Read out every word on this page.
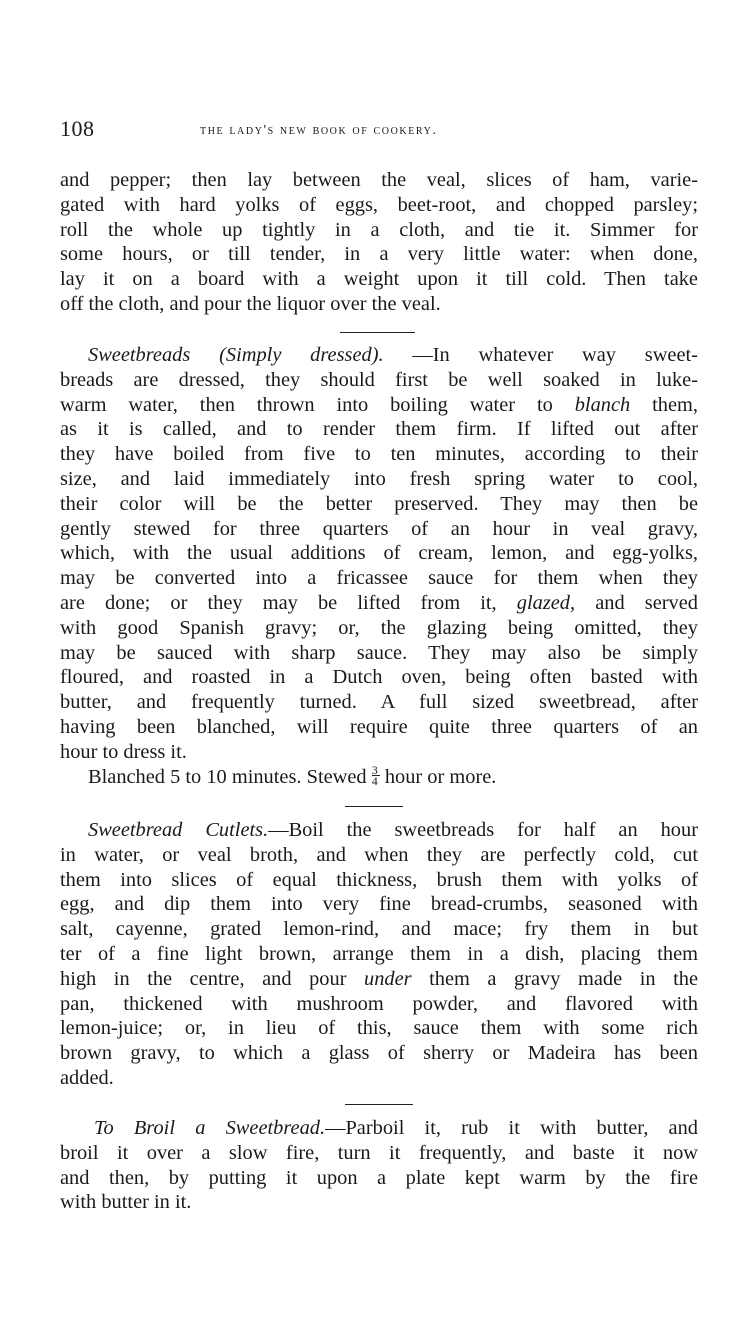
108	the lady's new book of cookery.
and pepper; then lay between the veal, slices of ham, varie-
gated with hard yolks of eggs, beet-root, and chopped parsley;
roll the whole up tightly in a cloth, and tie it. Simmer for
some hours, or till tender, in a very little water: when done,
lay it on a board with a weight upon it till cold. Then take
off the cloth, and pour the liquor over the veal.
Sweetbreads (Simply dressed). —In whatever way sweet-
breads are dressed, they should first be well soaked in luke-
warm water, then thrown into boiling water to blanch them,
as it is called, and to render them firm. If lifted out after
they have boiled from five to ten minutes, according to their
size, and laid immediately into fresh spring water to cool,
their color will be the better preserved. They may then be
gently stewed for three quarters of an hour in veal gravy,
which, with the usual additions of cream, lemon, and egg-yolks,
may be converted into a fricassee sauce for them when they
are done; or they may be lifted from it, glazed, and served
with good Spanish gravy; or, the glazing being omitted, they
may be sauced with sharp sauce. They may also be simply
floured, and roasted in a Dutch oven, being often basted with
butter, and frequently turned. A full sized sweetbread, after
having been blanched, will require quite three quarters of an
hour to dress it.
Blanched 5 to 10 minutes. Stewed $\frac{3}{4}$ hour or more.
Sweetbread Cutlets.—Boil the sweetbreads for half an hour
in water, or veal broth, and when they are perfectly cold, cut
them into slices of equal thickness, brush them with yolks of
egg, and dip them into very fine bread-crumbs, seasoned with
salt, cayenne, grated lemon-rind, and mace; fry them in but
ter of a fine light brown, arrange them in a dish, placing them
high in the centre, and pour under them a gravy made in the
pan, thickened with mushroom powder, and flavored with
lemon-juice; or, in lieu of this, sauce them with some rich
brown gravy, to which a glass of sherry or Madeira has been
added.
To Broil a Sweetbread.—Parboil it, rub it with butter, and
broil it over a slow fire, turn it frequently, and baste it now
and then, by putting it upon a plate kept warm by the fire
with butter in it.
